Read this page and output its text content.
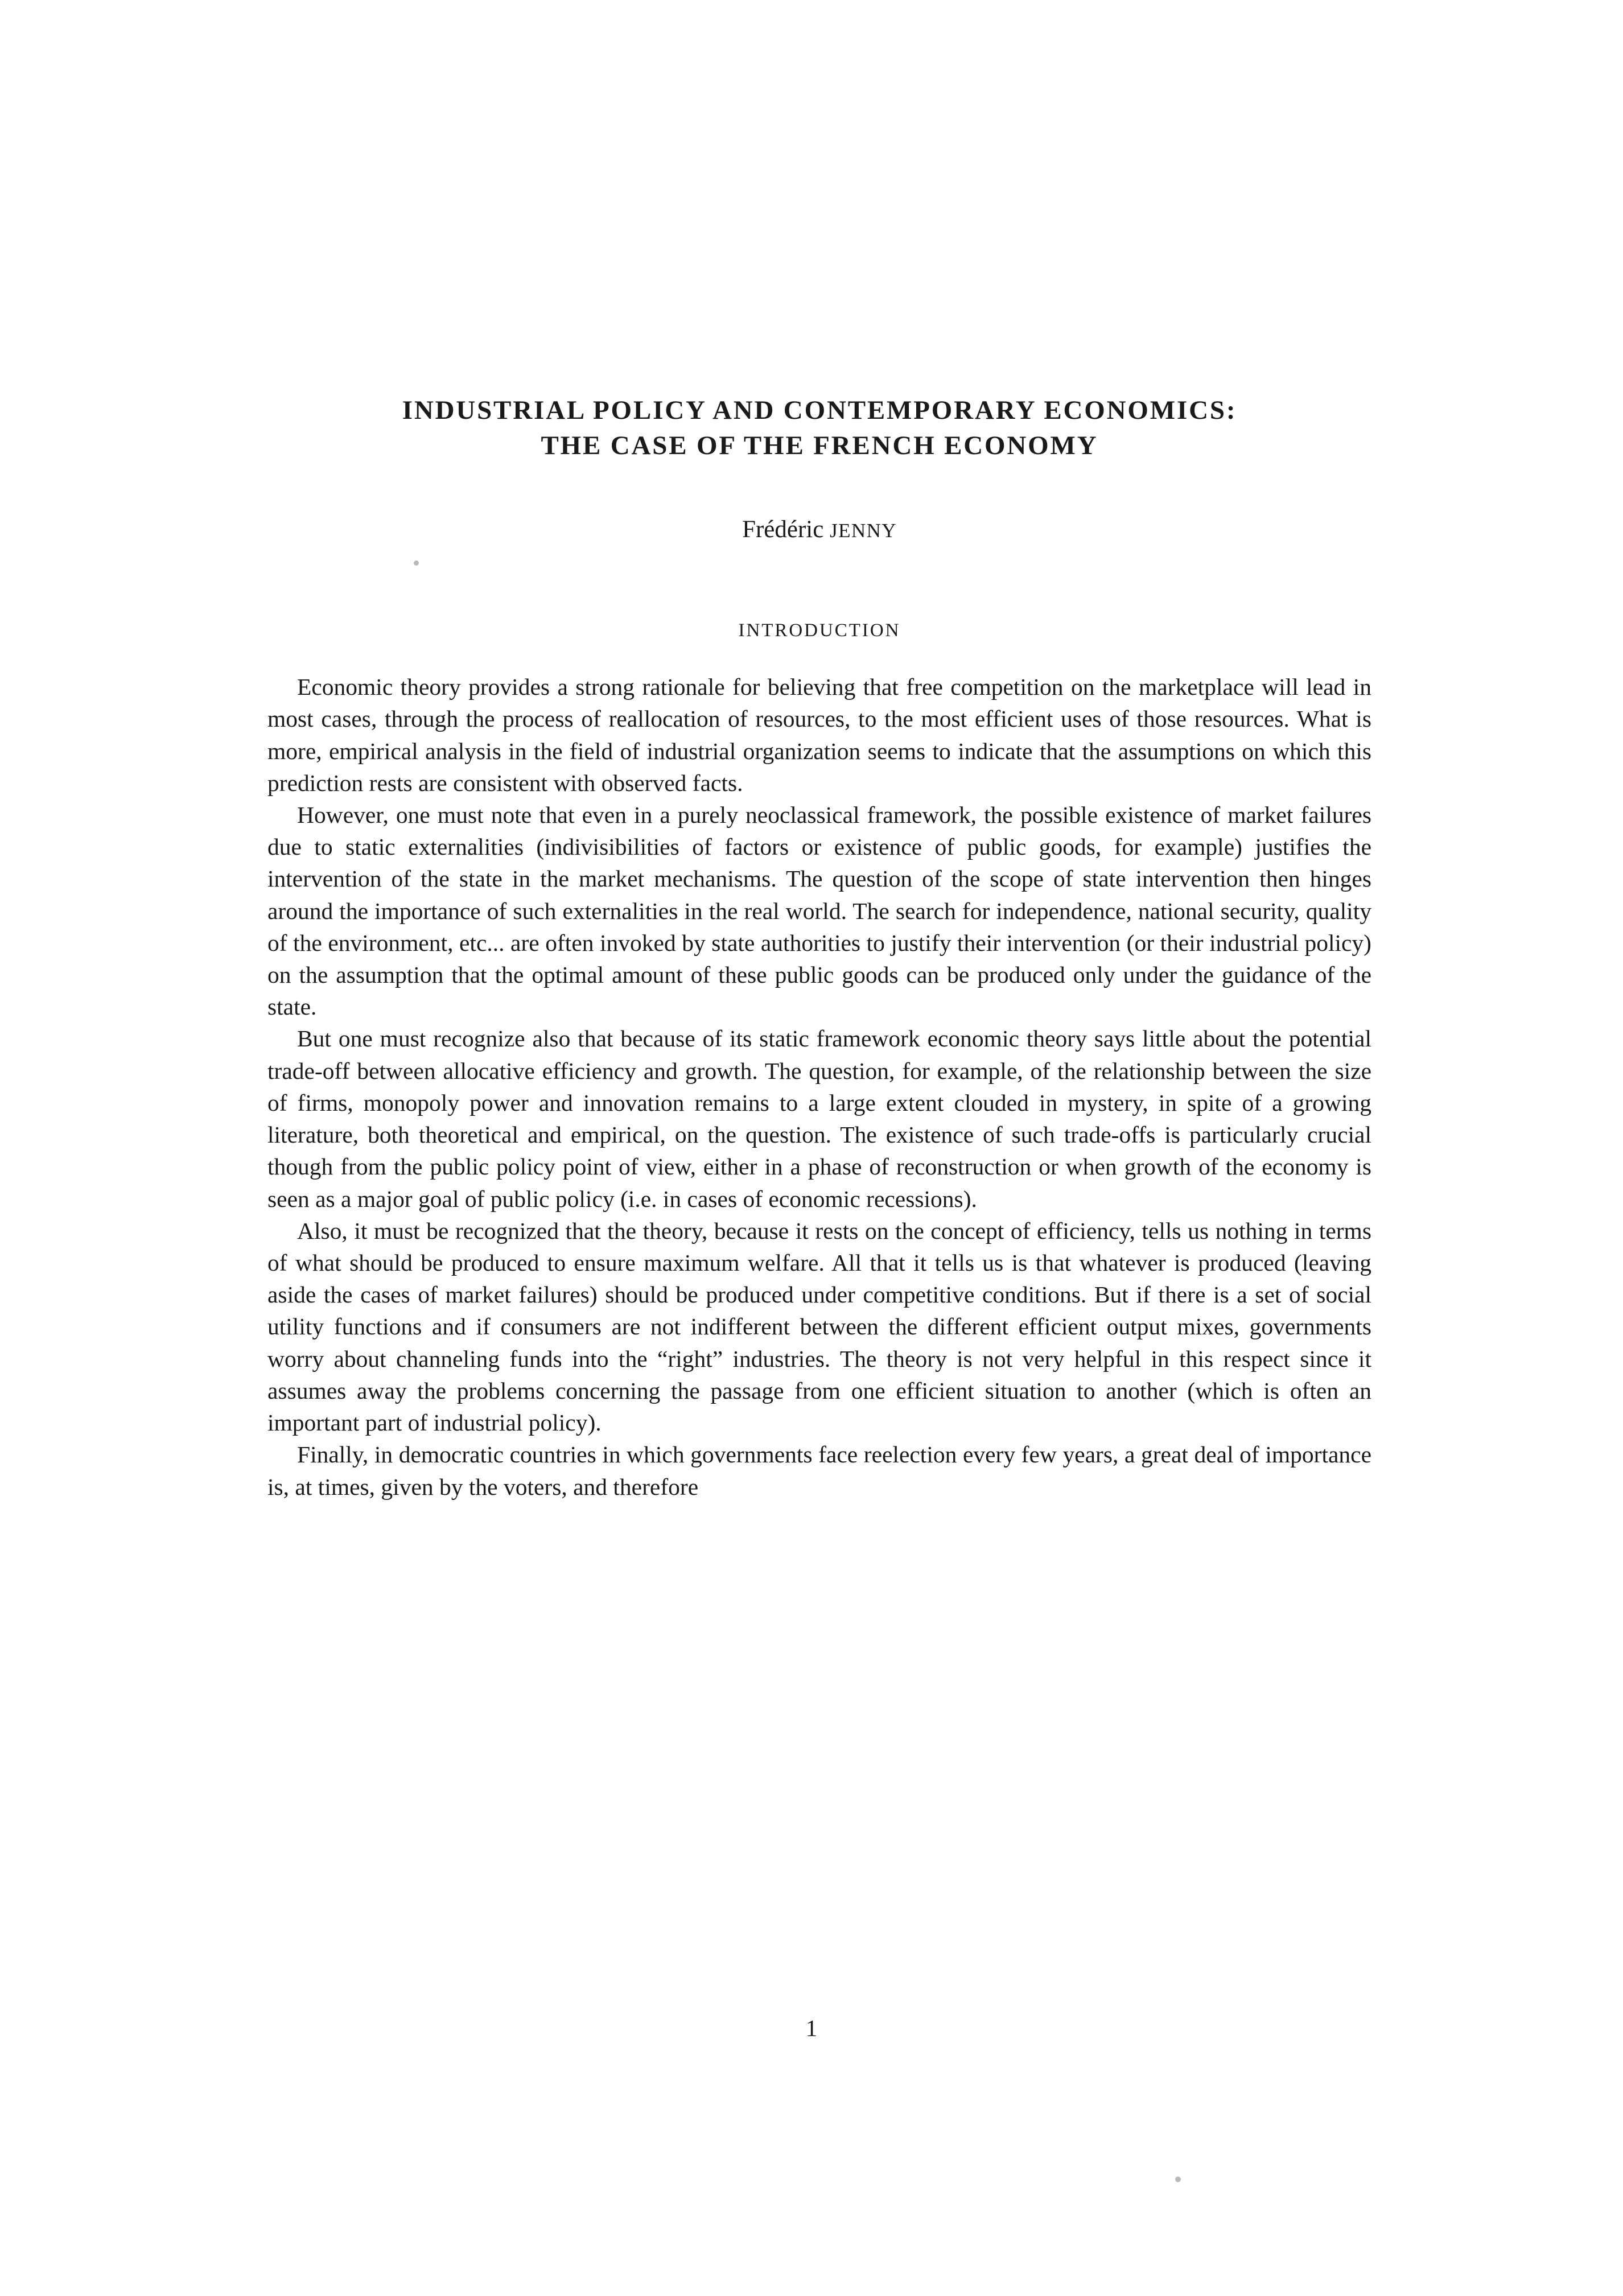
INDUSTRIAL POLICY AND CONTEMPORARY ECONOMICS:
THE CASE OF THE FRENCH ECONOMY
Frédéric JENNY
INTRODUCTION

Economic theory provides a strong rationale for believing that free competition on the marketplace will lead in most cases, through the process of reallocation of resources, to the most efficient uses of those resources. What is more, empirical analysis in the field of industrial organization seems to indicate that the assumptions on which this prediction rests are consistent with observed facts.

However, one must note that even in a purely neoclassical framework, the possible existence of market failures due to static externalities (indivisibilities of factors or existence of public goods, for example) justifies the intervention of the state in the market mechanisms. The question of the scope of state intervention then hinges around the importance of such externalities in the real world. The search for independence, national security, quality of the environment, etc... are often invoked by state authorities to justify their intervention (or their industrial policy) on the assumption that the optimal amount of these public goods can be produced only under the guidance of the state.

But one must recognize also that because of its static framework economic theory says little about the potential trade-off between allocative efficiency and growth. The question, for example, of the relationship between the size of firms, monopoly power and innovation remains to a large extent clouded in mystery, in spite of a growing literature, both theoretical and empirical, on the question. The existence of such trade-offs is particularly crucial though from the public policy point of view, either in a phase of reconstruction or when growth of the economy is seen as a major goal of public policy (i.e. in cases of economic recessions).

Also, it must be recognized that the theory, because it rests on the concept of efficiency, tells us nothing in terms of what should be produced to ensure maximum welfare. All that it tells us is that whatever is produced (leaving aside the cases of market failures) should be produced under competitive conditions. But if there is a set of social utility functions and if consumers are not indifferent between the different efficient output mixes, governments worry about channeling funds into the “right” industries. The theory is not very helpful in this respect since it assumes away the problems concerning the passage from one efficient situation to another (which is often an important part of industrial policy).

Finally, in democratic countries in which governments face reelection every few years, a great deal of importance is, at times, given by the voters, and therefore

1
